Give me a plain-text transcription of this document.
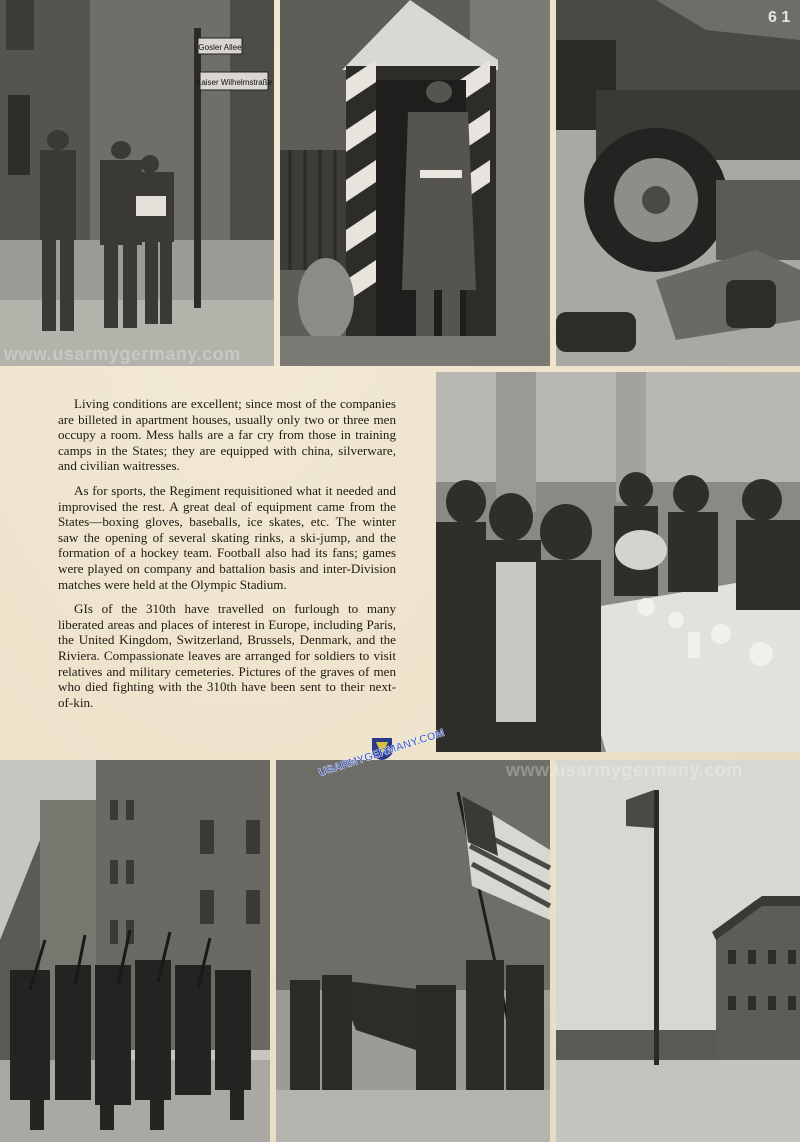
Gosler Allee
Kaiser Wilhelmstraße
6 1
www.usarmygermany.com

Living conditions are excellent; since most of the companies are billeted in apartment houses, usually only two or three men occupy a room. Mess halls are a far cry from those in training camps in the States; they are equipped with china, silverware, and civilian waitresses.

As for sports, the Regiment requisitioned what it needed and improvised the rest. A great deal of equipment came from the States—boxing gloves, baseballs, ice skates, etc. The winter saw the opening of several skating rinks, a ski-jump, and the formation of a hockey team. Football also had its fans; games were played on company and battalion basis and inter-Division matches were held at the Olympic Stadium.

GIs of the 310th have travelled on furlough to many liberated areas and places of interest in Europe, including Paris, the United Kingdom, Switzerland, Brussels, Denmark, and the Riviera. Compassionate leaves are arranged for soldiers to visit relatives and military cemeteries. Pictures of the graves of men who died fighting with the 310th have been sent to their next-of-kin.

www.usarmygermany.com
USARMYGERMANY.COM
